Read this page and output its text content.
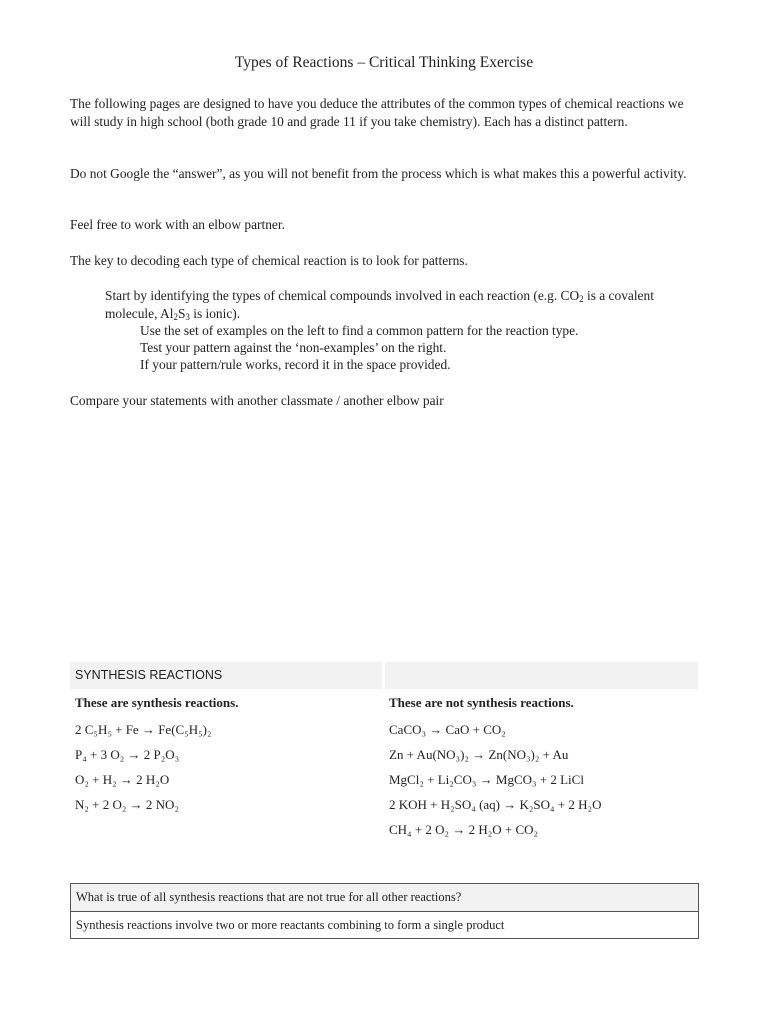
Types of Reactions – Critical Thinking Exercise

The following pages are designed to have you deduce the attributes of the common types of chemical reactions we will study in high school (both grade 10 and grade 11 if you take chemistry). Each has a distinct pattern.

Do not Google the “answer”, as you will not benefit from the process which is what makes this a powerful activity.

Feel free to work with an elbow partner.

The key to decoding each type of chemical reaction is to look for patterns.

Start by identifying the types of chemical compounds involved in each reaction (e.g. $CO_2$ is a covalent molecule, $Al_2S_3$ is ionic).

Use the set of examples on the left to find a common pattern for the reaction type.

Test your pattern against the ‘non-examples’ on the right.

If your pattern/rule works, record it in the space provided.

Compare your statements with another classmate / another elbow pair

SYNTHESIS REACTIONS
These are synthesis reactions.
2 C₅H₅ + Fe → Fe(C₅H₅)₂
P₄ + 3 O₂ → 2 P₂O₃
O₂ + H₂ → 2 H₂O
N₂ + 2 O₂ → 2 NO₂
These are not synthesis reactions.
CaCO₃ → CaO + CO₂
Zn + Au(NO₃)₂ → Zn(NO₃)₂ + Au
MgCl₂ + Li₂CO₃ → MgCO₃ + 2 LiCl
2 KOH + H₂SO₄ (aq) → K₂SO₄ + 2 H₂O
CH₄ + 2 O₂ → 2 H₂O + CO₂
What is true of all synthesis reactions that are not true for all other reactions?
Synthesis reactions involve two or more reactants combining to form a single product
